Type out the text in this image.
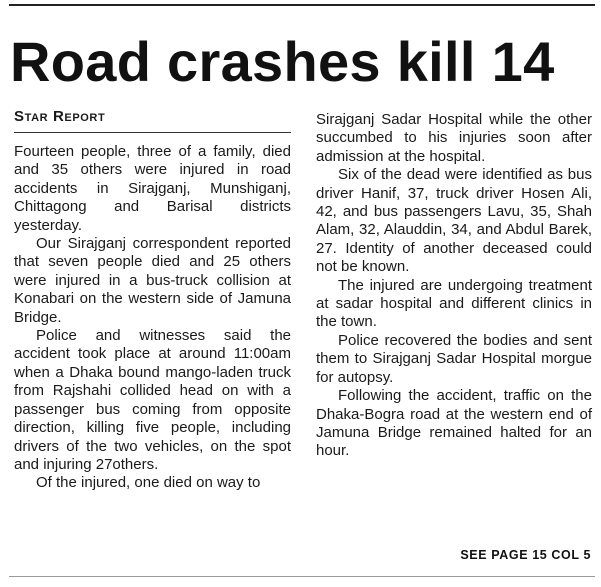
Road crashes kill 14
Star Report

Fourteen people, three of a family, died and 35 others were injured in road accidents in Sirajganj, Munshiganj, Chittagong and Barisal districts yesterday.

Our Sirajganj correspondent reported that seven people died and 25 others were injured in a bus-truck collision at Konabari on the western side of Jamuna Bridge.

Police and witnesses said the accident took place at around 11:00am when a Dhaka bound mango-laden truck from Rajshahi collided head on with a passenger bus coming from opposite direction, killing five people, including drivers of the two vehicles, on the spot and injuring 27others.

Of the injured, one died on way to

Sirajganj Sadar Hospital while the other succumbed to his injuries soon after admission at the hospital.

Six of the dead were identified as bus driver Hanif, 37, truck driver Hosen Ali, 42, and bus passengers Lavu, 35, Shah Alam, 32, Alauddin, 34, and Abdul Barek, 27. Identity of another deceased could not be known.

The injured are undergoing treatment at sadar hospital and different clinics in the town.

Police recovered the bodies and sent them to Sirajganj Sadar Hospital morgue for autopsy.

Following the accident, traffic on the Dhaka-Bogra road at the western end of Jamuna Bridge remained halted for an hour.

SEE PAGE 15 COL 5
